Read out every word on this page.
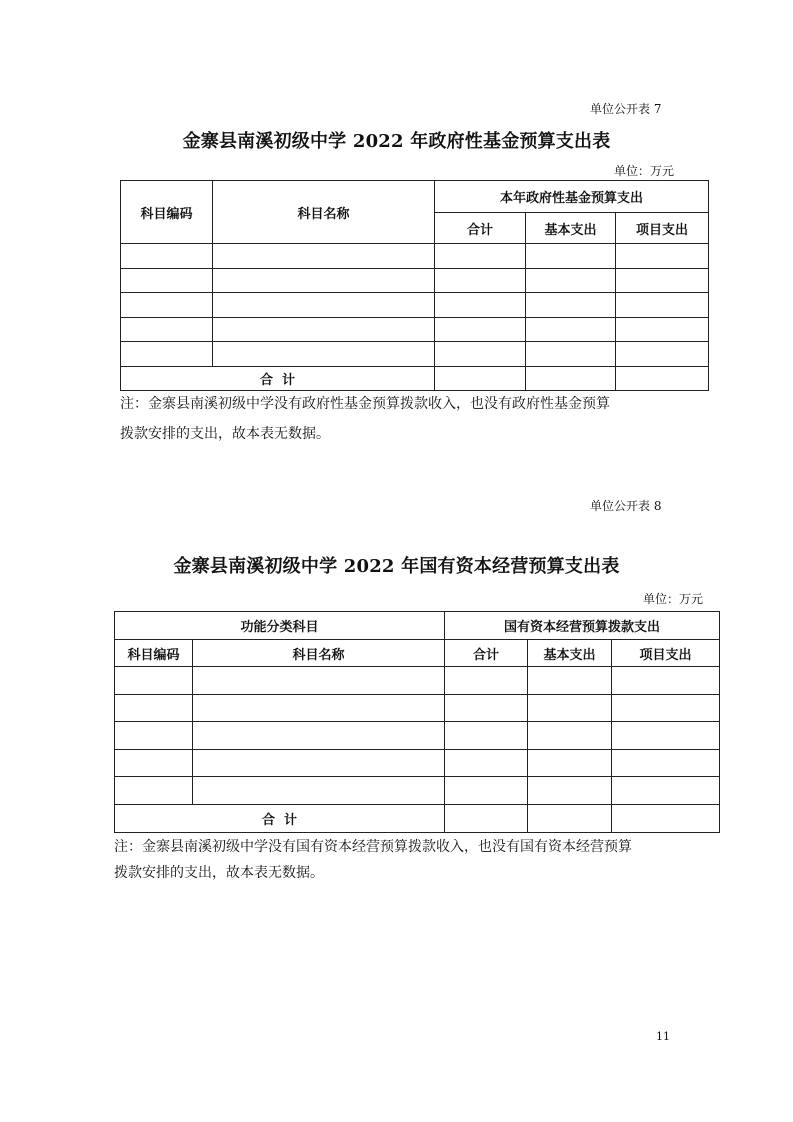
单位公开表 7
金寨县南溪初级中学 2022 年政府性基金预算支出表
单位：万元
科目编码	科目名称	本年政府性基金预算支出		
		合计	基本支出	项目支出

合  计				
注：金寨县南溪初级中学没有政府性基金预算拨款收入，也没有政府性基金预算
拨款安排的支出，故本表无数据。
单位公开表 8
金寨县南溪初级中学 2022 年国有资本经营预算支出表
单位：万元
功能分类科目		国有资本经营预算拨款支出		
科目编码	科目名称	合计	基本支出	项目支出

合  计				
注：金寨县南溪初级中学没有国有资本经营预算拨款收入，也没有国有资本经营预算
拨款安排的支出，故本表无数据。
11
